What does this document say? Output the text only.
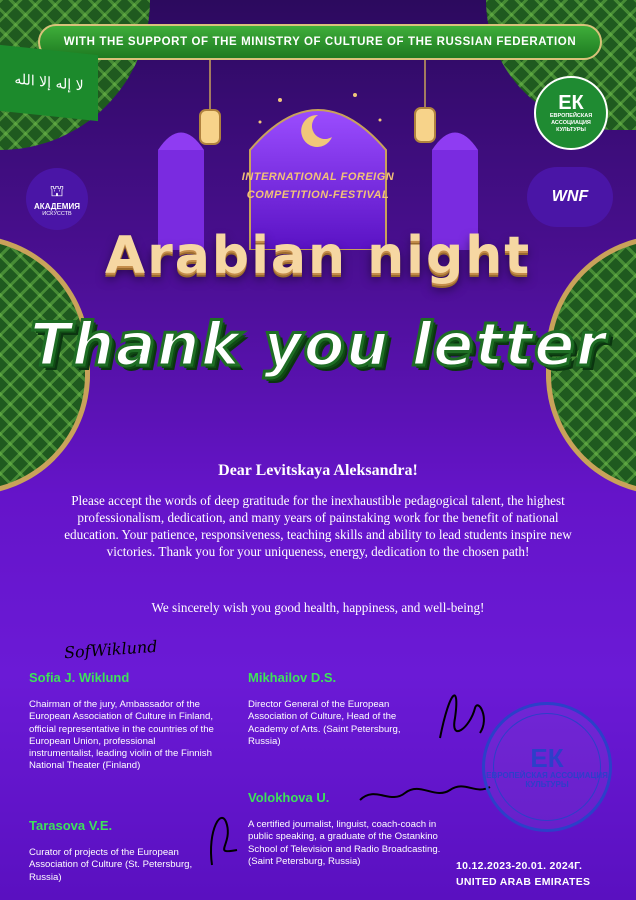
WITH THE SUPPORT OF THE MINISTRY OF CULTURE OF THE RUSSIAN FEDERATION
لا إله إلا الله
ЕК
ЕВРОПЕЙСКАЯ АССОЦИАЦИЯ КУЛЬТУРЫ
⛫
АКАДЕМИЯ
ИСКУССТВ
WNF
INTERNATIONAL FOREIGN
COMPETITION-FESTIVAL
Arabian night
Thank you letter
Dear Levitskaya Aleksandra!
Please accept the words of deep gratitude for the inexhaustible pedagogical talent, the highest professionalism, dedication, and many years of painstaking work for the benefit of national education. Your patience, responsiveness, teaching skills and ability to lead students inspire new victories. Thank you for your uniqueness, energy, dedication to the chosen path!
We sincerely wish you good health, happiness, and well-being!
SofWiklund
Sofia J. Wiklund
Chairman of the jury, Ambassador of the European Association of Culture in Finland, official representative in the countries of the European Union, professional instrumentalist, leading violin of the Finnish National Theater (Finland)
Mikhailov D.S.
Director General of the European Association of Culture, Head of the Academy of Arts. (Saint Petersburg, Russia)
Tarasova V.E.
Curator of projects of the European Association of Culture (St. Petersburg, Russia)
Volokhova U.
A certified journalist, linguist, coach-coach in public speaking, a graduate of the Ostankino School of Television and Radio Broadcasting. (Saint Petersburg, Russia)
ЕК
ЕВРОПЕЙСКАЯ АССОЦИАЦИЯ КУЛЬТУРЫ
10.12.2023-20.01. 2024Г.
UNITED ARAB EMIRATES
